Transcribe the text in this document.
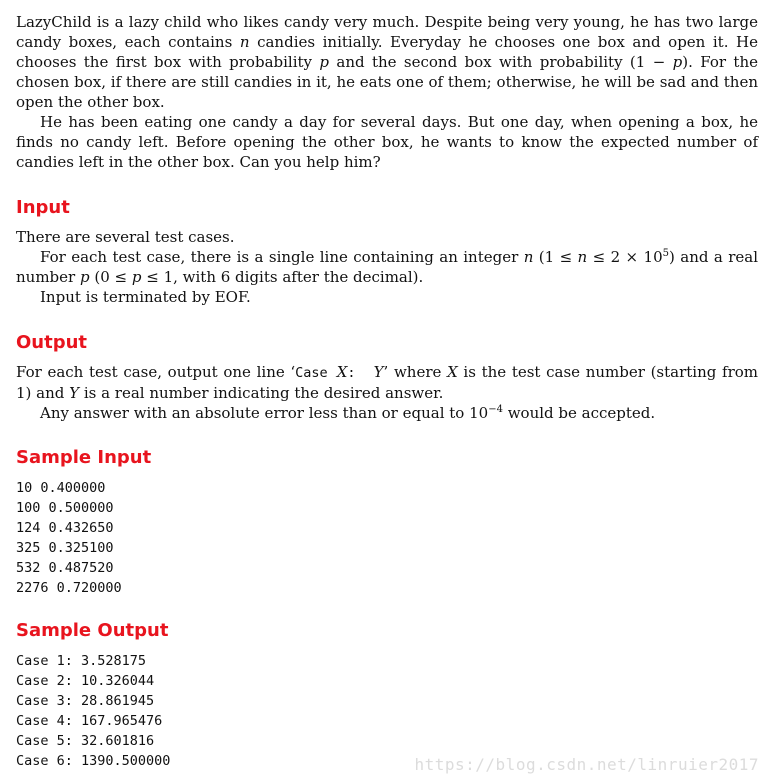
LazyChild is a lazy child who likes candy very much. Despite being very young, he has two large candy boxes, each contains n candies initially. Everyday he chooses one box and open it. He chooses the first box with probability p and the second box with probability (1 − p). For the chosen box, if there are still candies in it, he eats one of them; otherwise, he will be sad and then open the other box.

He has been eating one candy a day for several days. But one day, when opening a box, he finds no candy left. Before opening the other box, he wants to know the expected number of candies left in the other box. Can you help him?

Input

There are several test cases.

For each test case, there is a single line containing an integer n $(1 \le n \le 2 \times 10^5)$ and a real number p (0 ≤ p ≤ 1, with 6 digits after the decimal).

Input is terminated by EOF.

Output

For each test case, output one line ‘Case X:  Y’ where X is the test case number (starting from 1) and Y is a real number indicating the desired answer.

Any answer with an absolute error less than or equal to $10^{-4}$ would be accepted.

Sample Input
10 0.400000
100 0.500000
124 0.432650
325 0.325100
532 0.487520
2276 0.720000
Sample Output
Case 1: 3.528175
Case 2: 10.326044
Case 3: 28.861945
Case 4: 167.965476
Case 5: 32.601816
Case 6: 1390.500000	https://blog.csdn.net/linruier2017
